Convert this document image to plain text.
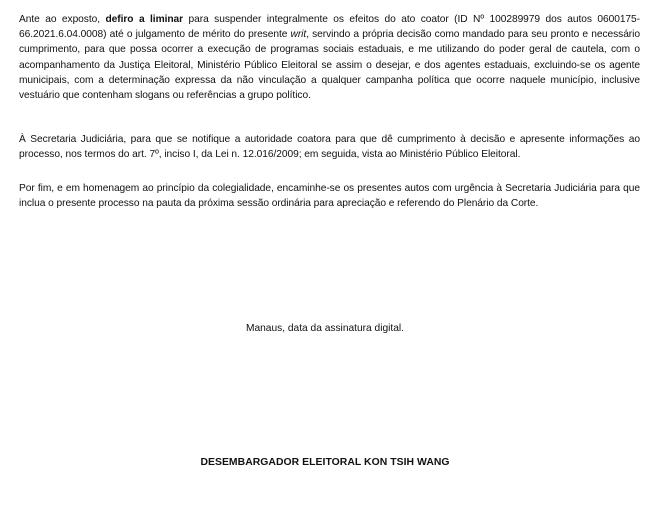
Ante ao exposto, defiro a liminar para suspender integralmente os efeitos do ato coator (ID Nº 100289979 dos autos 0600175-66.2021.6.04.0008) até o julgamento de mérito do presente writ, servindo a própria decisão como mandado para seu pronto e necessário cumprimento, para que possa ocorrer a execução de programas sociais estaduais, e me utilizando do poder geral de cautela, com o acompanhamento da Justiça Eleitoral, Ministério Público Eleitoral se assim o desejar, e dos agentes estaduais, excluindo-se os agente municipais, com a determinação expressa da não vinculação a qualquer campanha política que ocorre naquele município, inclusive vestuário que contenham slogans ou referências a grupo político.

À Secretaria Judiciária, para que se notifique a autoridade coatora para que dê cumprimento à decisão e apresente informações ao processo, nos termos do art. 7º, inciso I, da Lei n. 12.016/2009; em seguida, vista ao Ministério Público Eleitoral.

Por fim, e em homenagem ao princípio da colegialidade, encaminhe-se os presentes autos com urgência à Secretaria Judiciária para que inclua o presente processo na pauta da próxima sessão ordinária para apreciação e referendo do Plenário da Corte.

Manaus, data da assinatura digital.

DESEMBARGADOR ELEITORAL KON TSIH WANG
